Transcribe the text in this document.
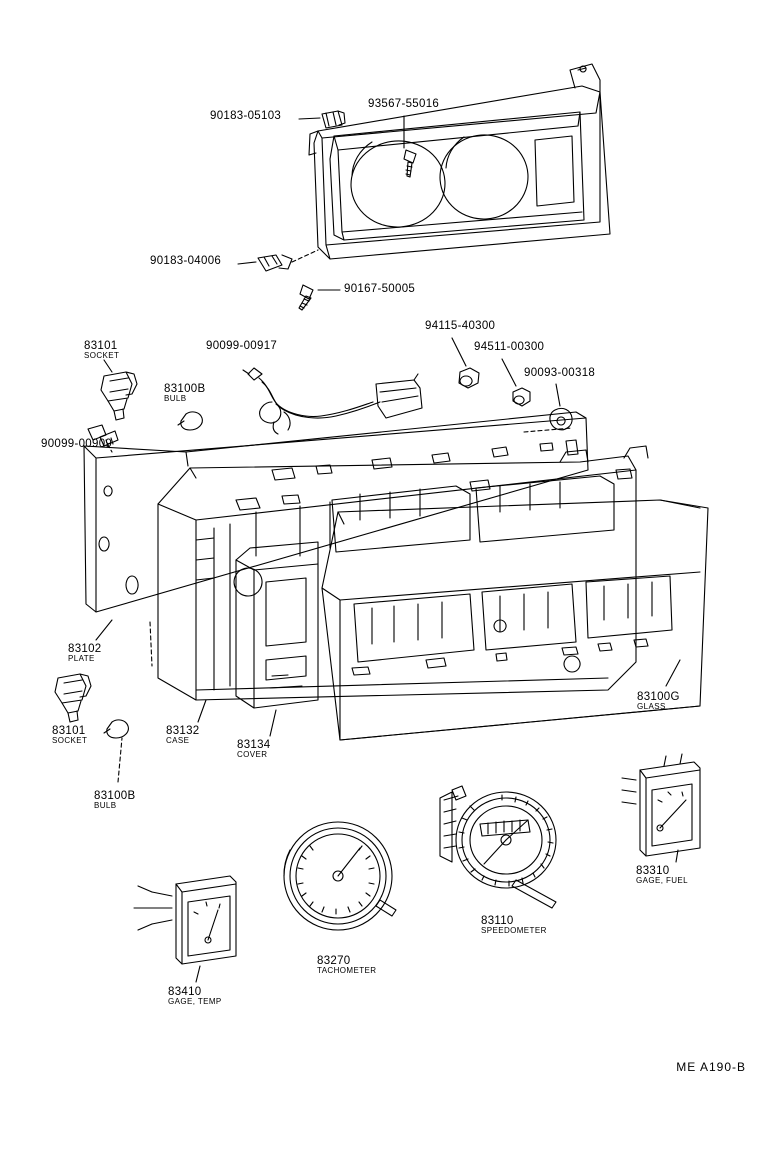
90183-05103
93567-55016
90183-04006
90167-50005
83101
SOCKET
90099-00917
94115-40300
94511-00300
90093-00318
83100B
BULB
90099-00909
83102
PLATE
83100G
GLASS
83101
SOCKET
83132
CASE	83134
COVER
83100B
BULB
83310
GAGE, FUEL
83110
SPEEDOMETER
83270
TACHOMETER
83410
GAGE, TEMP
ME A190-B
